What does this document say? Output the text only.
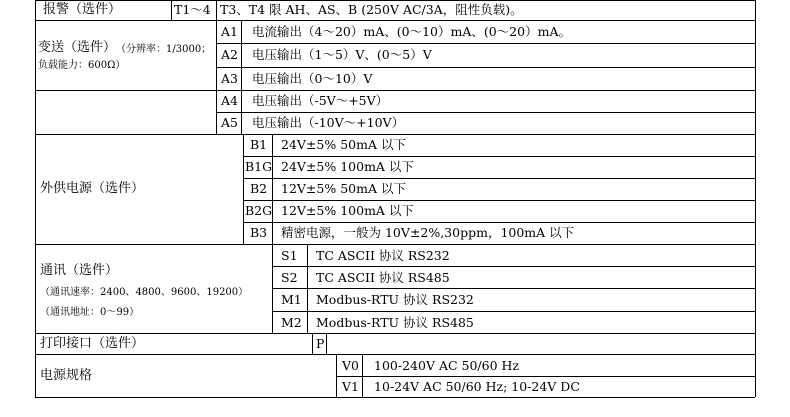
报警（选件）	T1～4 T3、T4 限 AH、AS、B (250V AC/3A，阻性负载)。
变送（选件） （分辨率：1/3000；
负载能力：600Ω）
A1 电流输出（4～20）mA、(0～10）mA、(0～20）mA。
A2 电压输出（1～5）V、(0～5）V
A3 电压输出（0～10）V
A4 电压输出（-5V～+5V）
A5 电压输出（-10V～+10V）
外供电源（选件）
B1 24V±5% 50mA 以下
B1G 24V±5% 100mA 以下
B2 12V±5% 50mA 以下
B2G 12V±5% 100mA 以下
B3 精密电源，一般为 10V±2%,30ppm，100mA 以下
通讯（选件）
（通讯速率：2400、4800、9600、19200）
（通讯地址：0～99）
S1 TC ASCII 协议 RS232
S2 TC ASCII 协议 RS485
M1 Modbus-RTU 协议 RS232
M2 Modbus-RTU 协议 RS485
打印接口（选件）	P
电源规格
V0 100-240V AC 50/60 Hz
V1 10-24V AC 50/60 Hz; 10-24V DC
